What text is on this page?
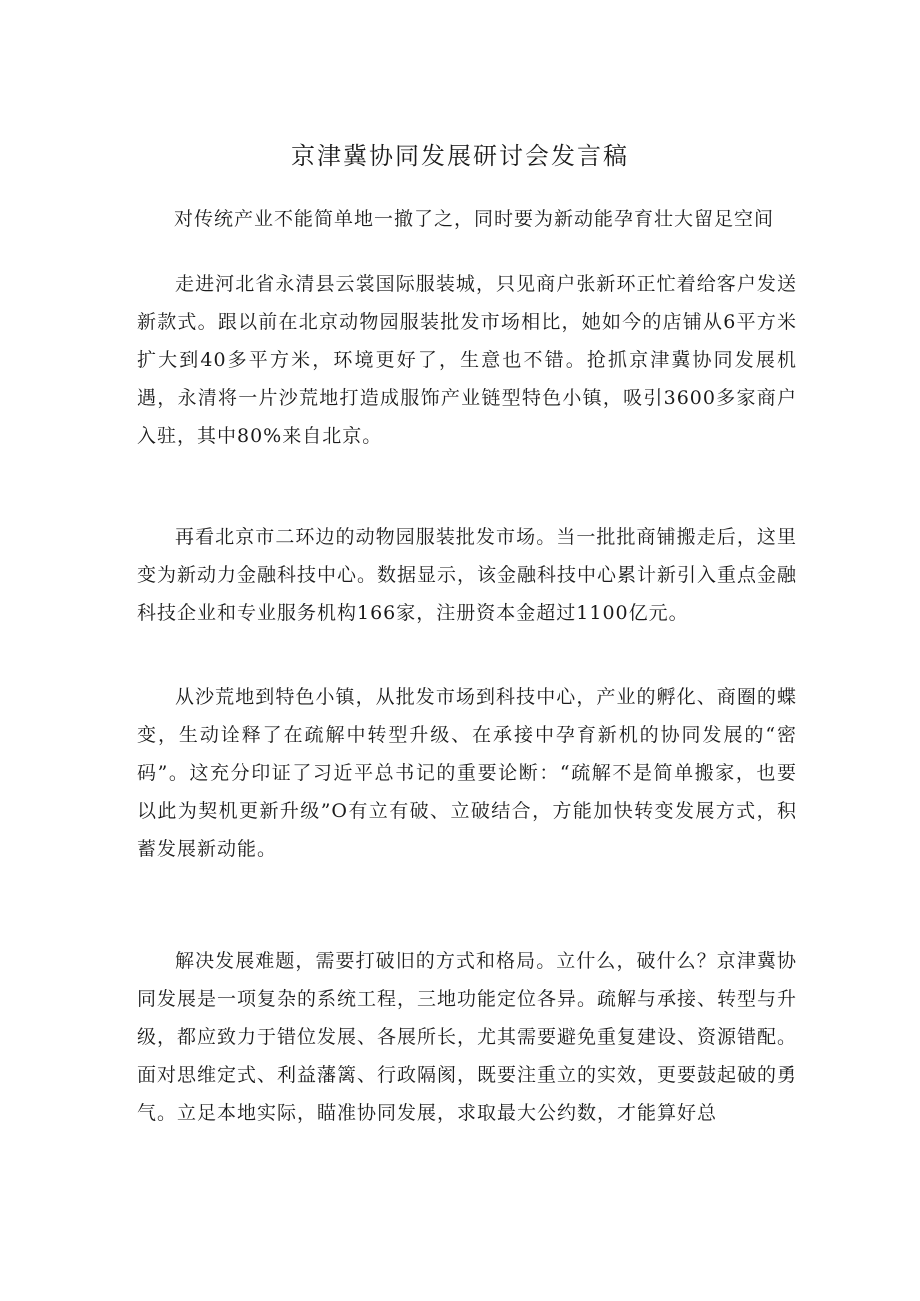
京津冀协同发展研讨会发言稿
对传统产业不能简单地一撤了之，同时要为新动能孕育壮大留足空间

走进河北省永清县云裳国际服装城，只见商户张新环正忙着给客户发送新款式。跟以前在北京动物园服装批发市场相比，她如今的店铺从6平方米扩大到40多平方米，环境更好了，生意也不错。抢抓京津冀协同发展机遇，永清将一片沙荒地打造成服饰产业链型特色小镇，吸引3600多家商户入驻，其中80%来自北京。

再看北京市二环边的动物园服装批发市场。当一批批商铺搬走后，这里变为新动力金融科技中心。数据显示，该金融科技中心累计新引入重点金融科技企业和专业服务机构166家，注册资本金超过1100亿元。

从沙荒地到特色小镇，从批发市场到科技中心，产业的孵化、商圈的蝶变，生动诠释了在疏解中转型升级、在承接中孕育新机的协同发展的“密码”。这充分印证了习近平总书记的重要论断：“疏解不是简单搬家，也要以此为契机更新升级”O有立有破、立破结合，方能加快转变发展方式，积蓄发展新动能。

解决发展难题，需要打破旧的方式和格局。立什么，破什么？京津冀协同发展是一项复杂的系统工程，三地功能定位各异。疏解与承接、转型与升级，都应致力于错位发展、各展所长，尤其需要避免重复建设、资源错配。面对思维定式、利益藩篱、行政隔阂，既要注重立的实效，更要鼓起破的勇气。立足本地实际，瞄准协同发展，求取最大公约数，才能算好总
